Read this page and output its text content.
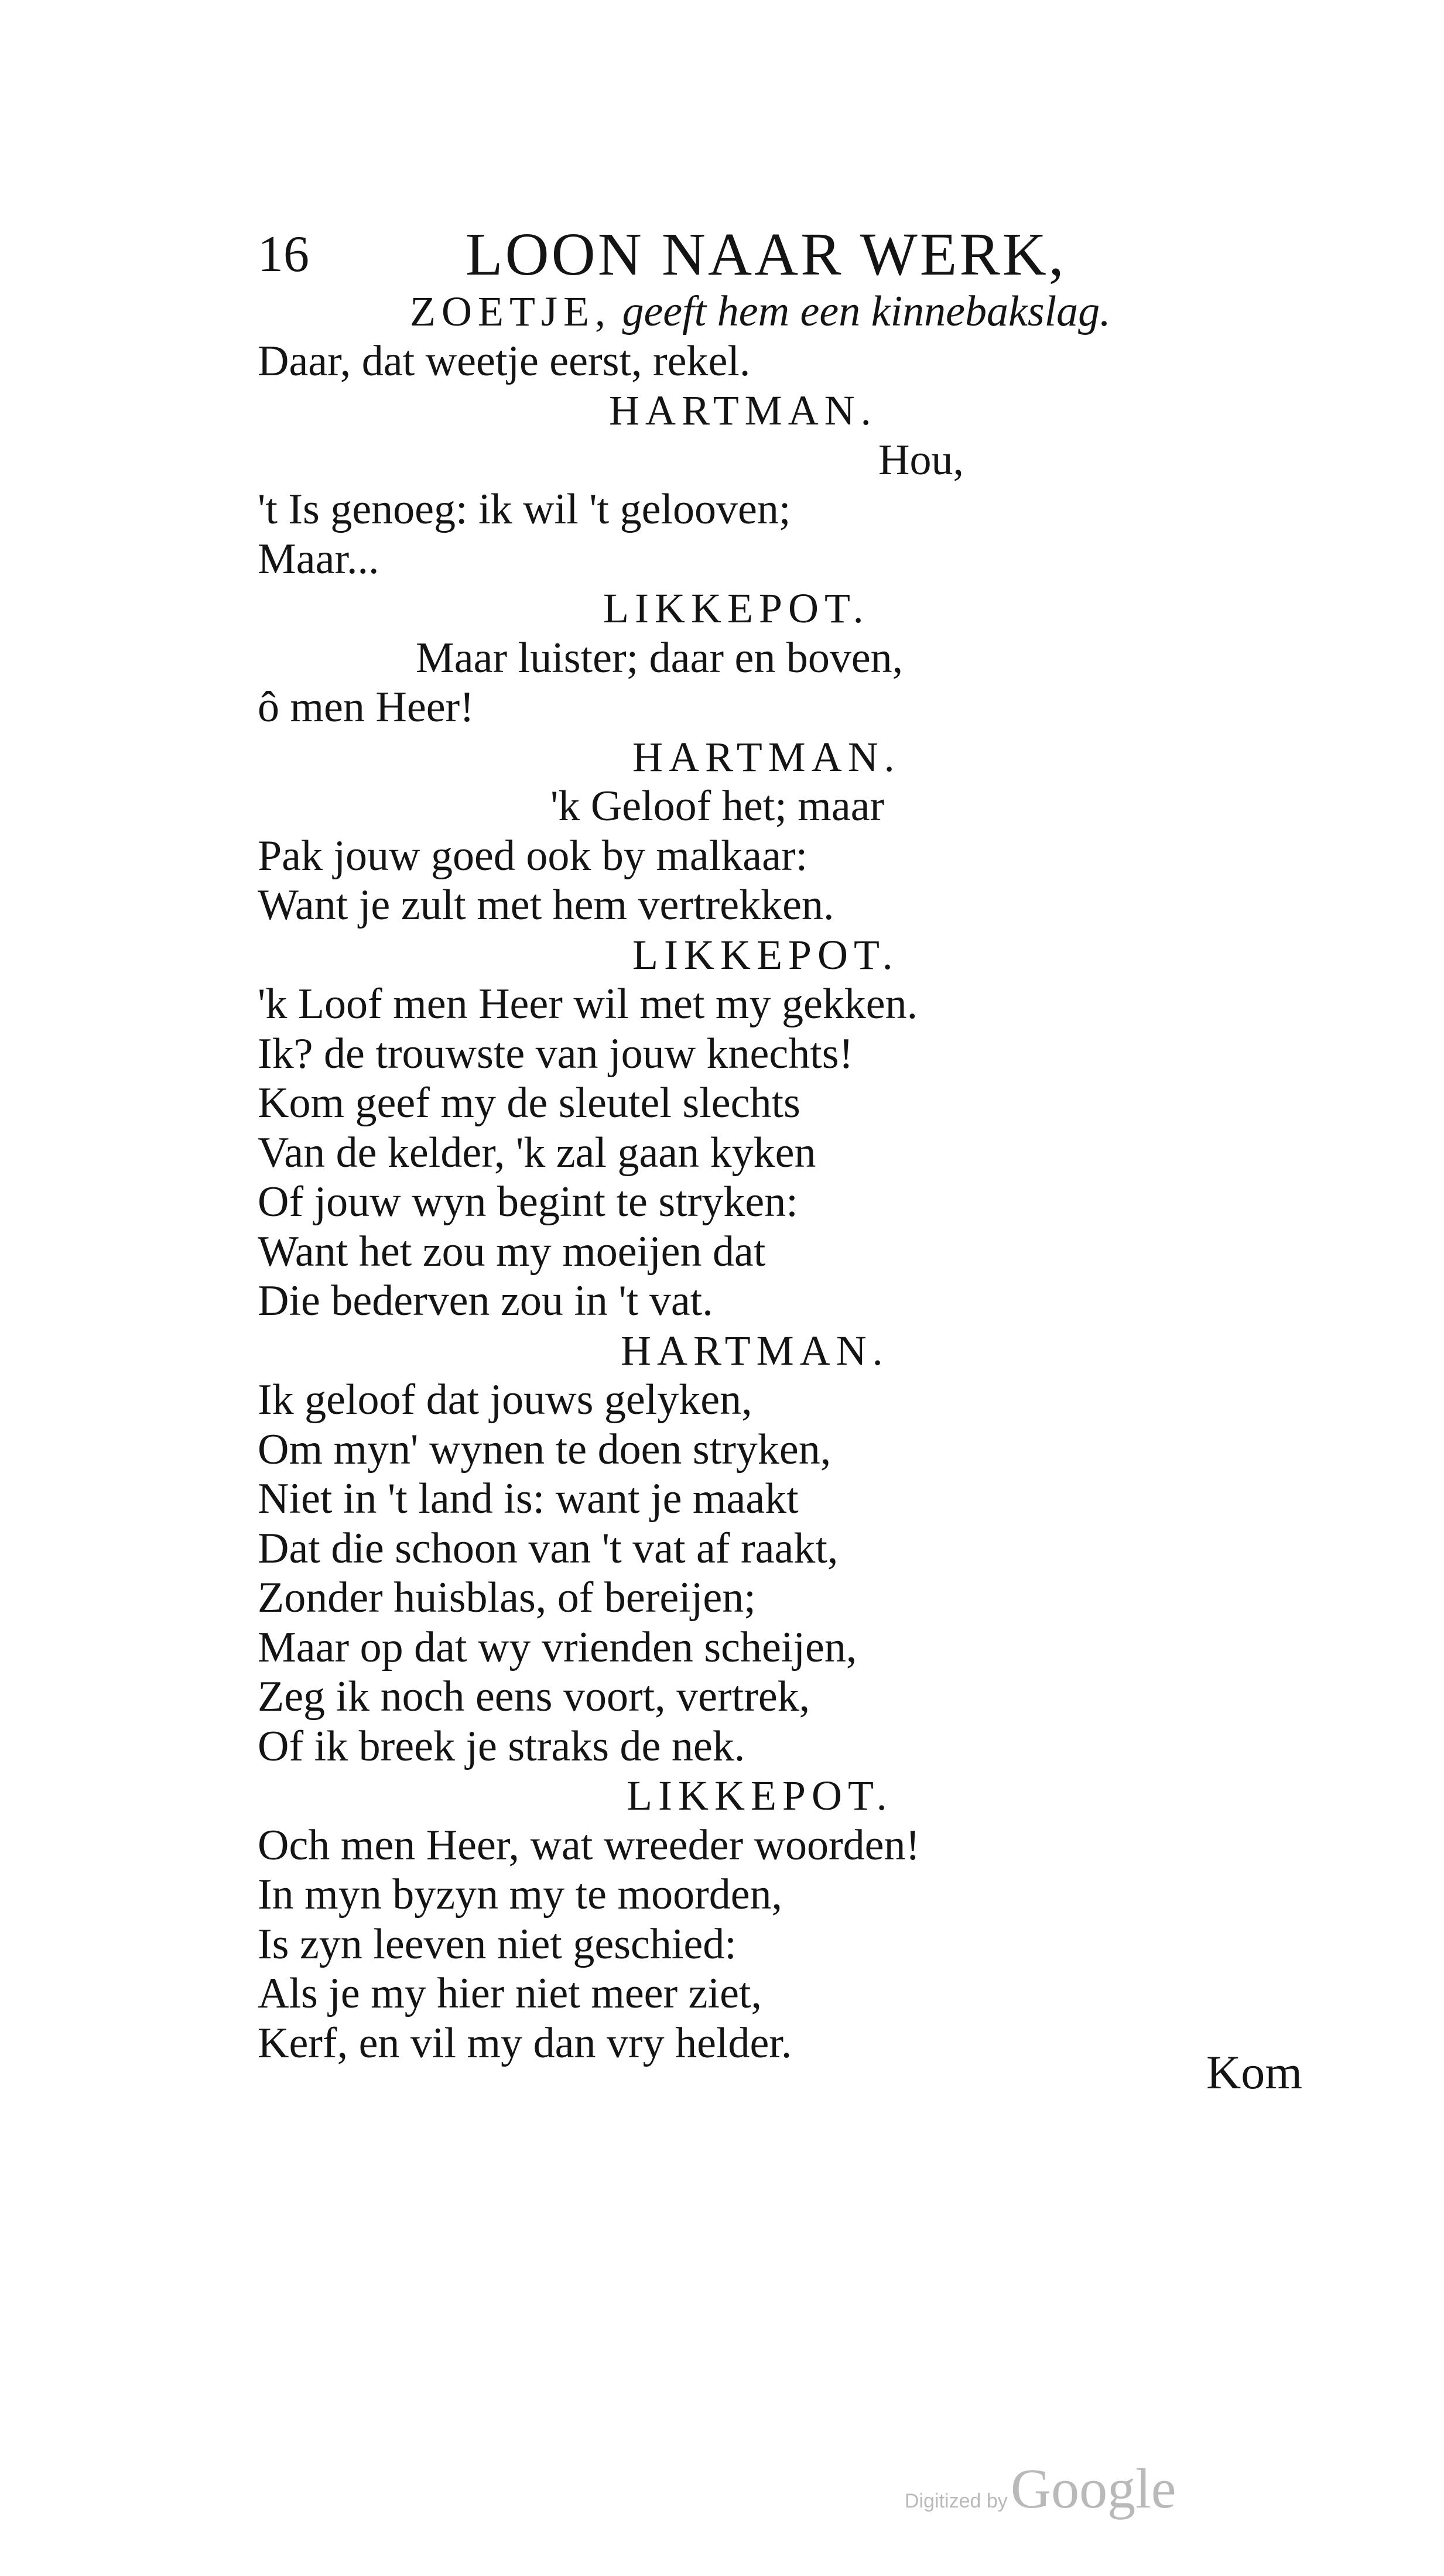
16	LOON NAAR WERK,
ZOETJE, geeft hem een kinnebakslag.
Daar, dat weetje eerst, rekel.
HARTMAN.
Hou,
't Is genoeg: ik wil 't gelooven;
Maar...
LIKKEPOT.
Maar luister; daar en boven,
ô men Heer!
HARTMAN.
'k Geloof het; maar
Pak jouw goed ook by malkaar:
Want je zult met hem vertrekken.
LIKKEPOT.
'k Loof men Heer wil met my gekken.
Ik? de trouwste van jouw knechts!
Kom geef my de sleutel slechts
Van de kelder, 'k zal gaan kyken
Of jouw wyn begint te stryken:
Want het zou my moeijen dat
Die bederven zou in 't vat.
HARTMAN.
Ik geloof dat jouws gelyken,
Om myn' wynen te doen stryken,
Niet in 't land is: want je maakt
Dat die schoon van 't vat af raakt,
Zonder huisblas, of bereijen;
Maar op dat wy vrienden scheijen,
Zeg ik noch eens voort, vertrek,
Of ik breek je straks de nek.
LIKKEPOT.
Och men Heer, wat wreeder woorden!
In myn byzyn my te moorden,
Is zyn leeven niet geschied:
Als je my hier niet meer ziet,
Kerf, en vil my dan vry helder.
Kom
Digitized by Google
